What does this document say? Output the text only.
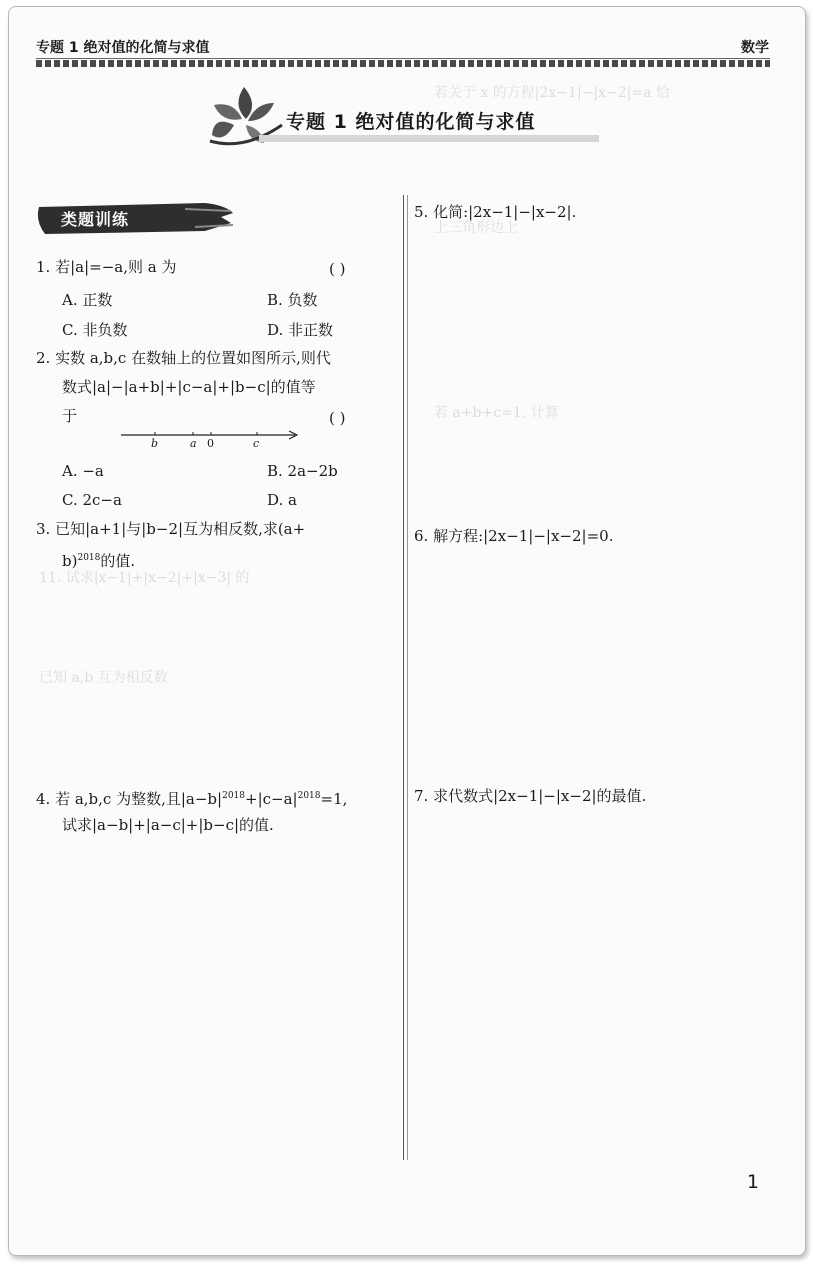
专题 1 绝对值的化简与求值	数学
若关于 x 的方程|2x−1|−|x−2|=a 恰
上三角形边上
若 a+b+c=1, 计算
11. 试求|x−1|+|x−2|+|x−3| 的
已知 a,b 互为相反数
专题 1 绝对值的化简与求值
类题训练
1. 若|a|=−a,则 a 为	( )
A. 正数	B. 负数
C. 非负数	D. 非正数
2. 实数 a,b,c 在数轴上的位置如图所示,则代
数式|a|−|a+b|+|c−a|+|b−c|的值等
于	( )
b	a 0	c
A. −a	B. 2a−2b
C. 2c−a	D. a
3. 已知|a+1|与|b−2|互为相反数,求(a+
b)$^{2018}$的值.
4. 若 a,b,c 为整数,且$|a-b|^{2018}+|c-a|^{2018}=1$,
试求|a−b|+|a−c|+|b−c|的值.
5. 化简:|2x−1|−|x−2|.
6. 解方程:|2x−1|−|x−2|=0.
7. 求代数式|2x−1|−|x−2|的最值.
1
